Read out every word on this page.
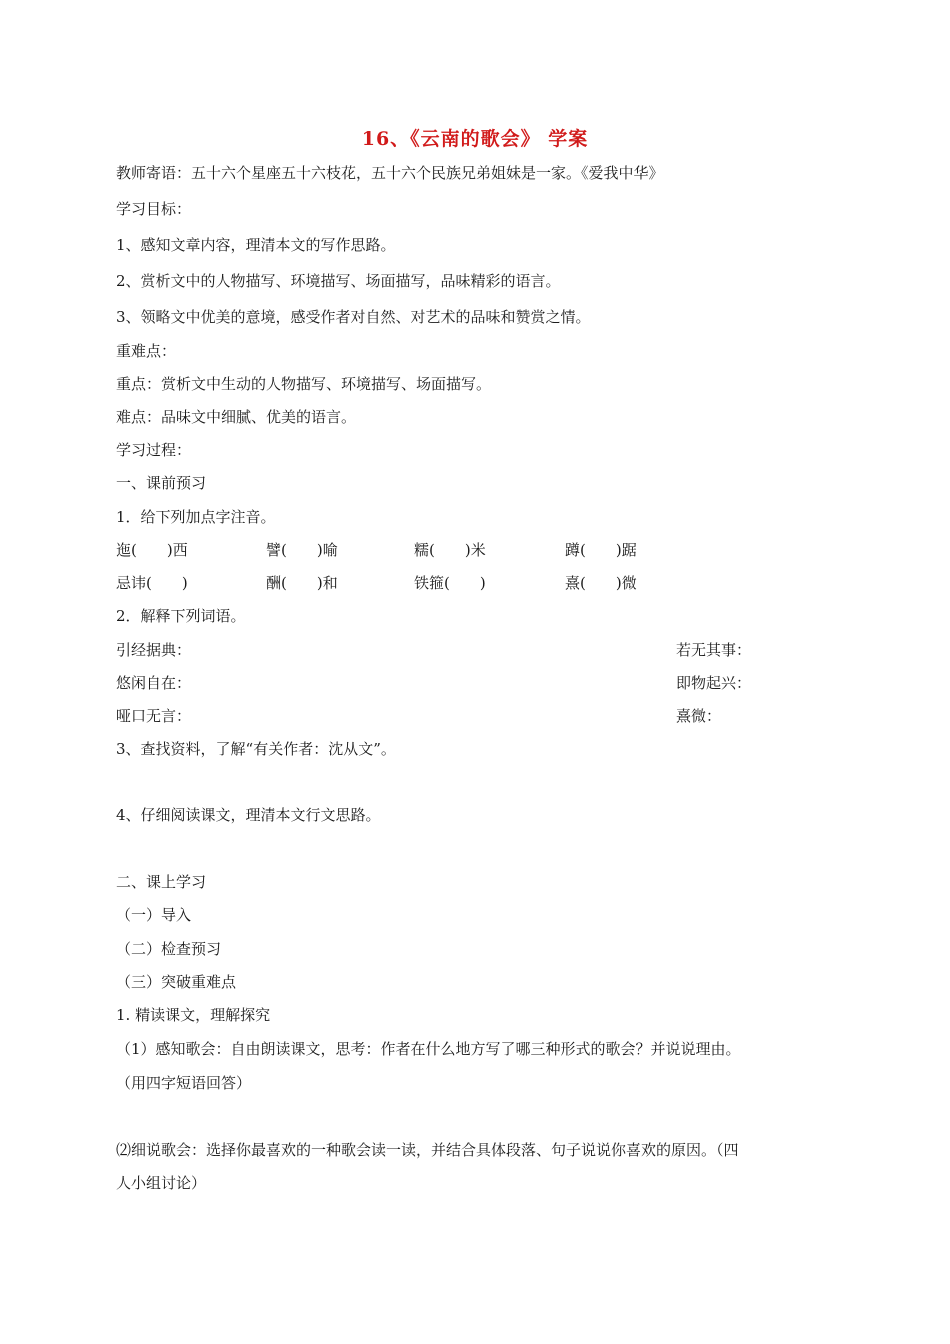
16、《云南的歌会》 学案
教师寄语：五十六个星座五十六枝花，五十六个民族兄弟姐妹是一家。《爱我中华》
学习目标：
1、感知文章内容，理清本文的写作思路。
2、赏析文中的人物描写、环境描写、场面描写，品味精彩的语言。
3、领略文中优美的意境，感受作者对自然、对艺术的品味和赞赏之情。
重难点：
重点：赏析文中生动的人物描写、环境描写、场面描写。
难点：品味文中细腻、优美的语言。
学习过程：
一、课前预习
1．给下列加点字注音。
迤(　　)西	譬(　　)喻	糯(　　)米	蹲(　　)踞
忌讳(　　)	酬(　　)和	铁箍(　　)	熹(　　)微
2．解释下列词语。
引经据典：	若无其事：
悠闲自在：	即物起兴：
哑口无言：	熹微：
3、查找资料，了解“有关作者：沈从文”。
4、仔细阅读课文，理清本文行文思路。
二、课上学习
（一）导入
（二）检查预习
（三）突破重难点
1. 精读课文，理解探究
（1）感知歌会：自由朗读课文，思考：作者在什么地方写了哪三种形式的歌会？并说说理由。
（用四字短语回答）
⑵细说歌会：选择你最喜欢的一种歌会读一读，并结合具体段落、句子说说你喜欢的原因。（四
人小组讨论）
